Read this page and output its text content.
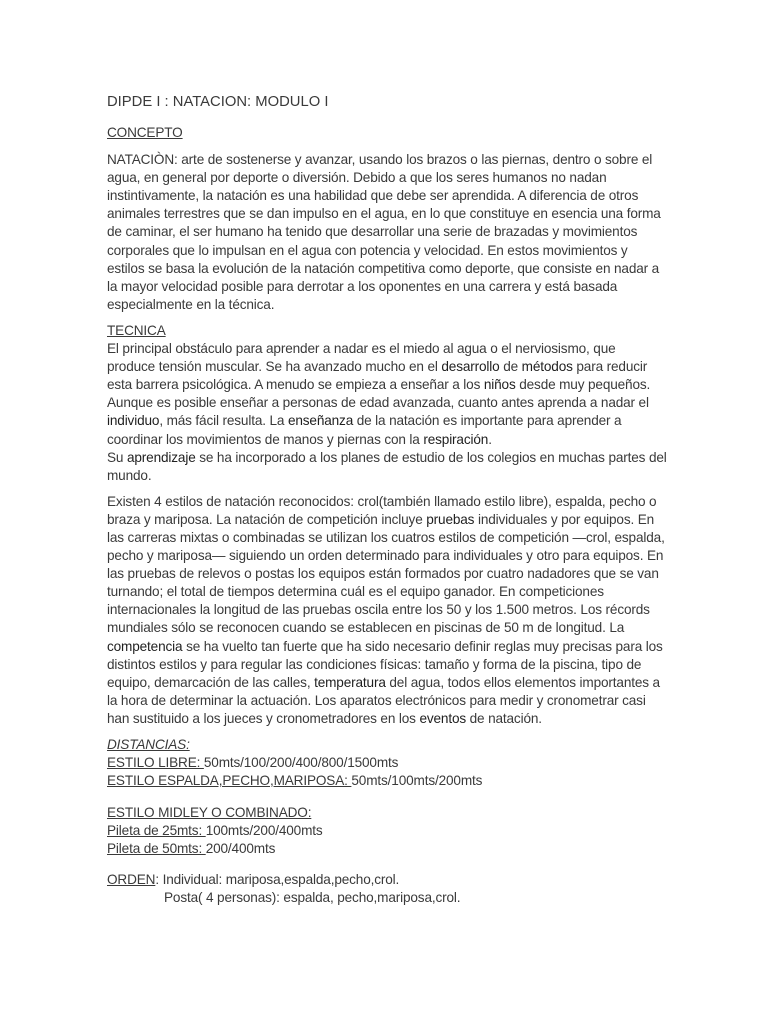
DIPDE I : NATACION: MODULO I

CONCEPTO

NATACIÒN: arte de sostenerse y avanzar, usando los brazos o las piernas, dentro o sobre el agua, en general por deporte o diversión. Debido a que los seres humanos no nadan instintivamente, la natación es una habilidad que debe ser aprendida. A diferencia de otros animales terrestres que se dan impulso en el agua, en lo que constituye en esencia una forma de caminar, el ser humano ha tenido que desarrollar una serie de brazadas y movimientos corporales que lo impulsan en el agua con potencia y velocidad. En estos movimientos y estilos se basa la evolución de la natación competitiva como deporte, que consiste en nadar a la mayor velocidad posible para derrotar a los oponentes en una carrera y está basada especialmente en la técnica.

TECNICA

El principal obstáculo para aprender a nadar es el miedo al agua o el nerviosismo, que produce tensión muscular. Se ha avanzado mucho en el desarrollo de métodos para reducir esta barrera psicológica. A menudo se empieza a enseñar a los niños desde muy pequeños. Aunque es posible enseñar a personas de edad avanzada, cuanto antes aprenda a nadar el individuo, más fácil resulta. La enseñanza de la natación es importante para aprender a coordinar los movimientos de manos y piernas con la respiración.

Su aprendizaje se ha incorporado a los planes de estudio de los colegios en muchas partes del mundo.

Existen 4 estilos de natación reconocidos: crol(también llamado estilo libre), espalda, pecho o braza y mariposa. La natación de competición incluye pruebas individuales y por equipos. En las carreras mixtas o combinadas se utilizan los cuatros estilos de competición —crol, espalda, pecho y mariposa— siguiendo un orden determinado para individuales y otro para equipos. En las pruebas de relevos o postas los equipos están formados por cuatro nadadores que se van turnando; el total de tiempos determina cuál es el equipo ganador. En competiciones internacionales la longitud de las pruebas oscila entre los 50 y los 1.500 metros. Los récords mundiales sólo se reconocen cuando se establecen en piscinas de 50 m de longitud. La competencia se ha vuelto tan fuerte que ha sido necesario definir reglas muy precisas para los distintos estilos y para regular las condiciones físicas: tamaño y forma de la piscina, tipo de equipo, demarcación de las calles, temperatura del agua, todos ellos elementos importantes a la hora de determinar la actuación. Los aparatos electrónicos para medir y cronometrar casi han sustituido a los jueces y cronometradores en los eventos de natación.

DISTANCIAS:

ESTILO LIBRE: 50mts/100/200/400/800/1500mts

ESTILO ESPALDA,PECHO,MARIPOSA: 50mts/100mts/200mts

ESTILO MIDLEY O COMBINADO:

Pileta de 25mts: 100mts/200/400mts

Pileta de 50mts: 200/400mts

ORDEN: Individual: mariposa,espalda,pecho,crol.

Posta( 4 personas): espalda, pecho,mariposa,crol.
